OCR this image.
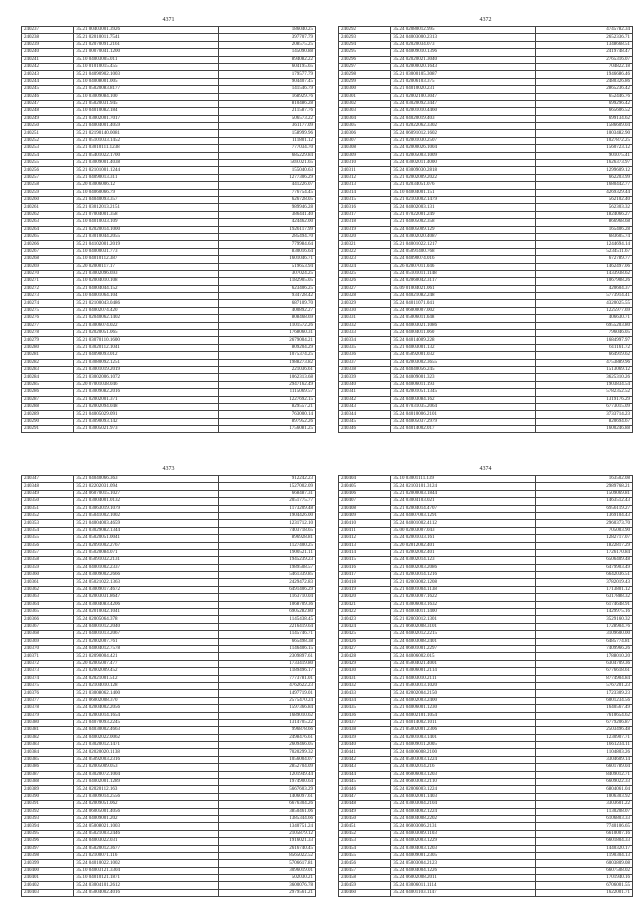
4371
240237	35.21 00403001.3926	186040.25
240238	35.21 02010011.7541	397707.79
240239	35.21 02070091.2161	208575.25
240240	35.21 00070041.1200	145090.88
240241	35.10 04003005.011	894082.22
240242	35.10 01010015.455	604195.65
240243	35.21 04090902.1003	179577.79
240244	35.10 04008001.005	904407.45
240245	35.21 05020083.8177	141546.79
240246	35.10 03009084.100	168929.76
240247	35.21 05020031.945	810486.28
240248	35.10 04010082.184	211587.76
240249	35.21 03002001.7017	506573.22
240250	35.21 04004001.4059	361177.09
240251	35.21 02190140.0081	158999.96
240252	35.21 05101033.1452	111801.12
240253	35.21 03010111.1238	777034.70
240254	35.21 05401022.1700	685229.84
240255	35.21 03009001.4038	569.021.65
240256	35.21 02101001.1244	155040.63
240257	35.21 04090013.311	1277306.29
240258	35.20 03006006.12	441226.07
240259	35.10 04060066.79	776754.45
240260	35.21 04040093.357	626728.05
240261	35.21 03012013.2151	989946.28
240262	35.21 07004001.358	386441.40
240263	35.10 04010033.109	424462.00
240264	35.21 02020014.1000	1926117.99
240265	35.21 03010044.2055	285494.70
240266	35.21 04102001.2019	779984.64
240267	35.10 04000031.773	830016.64
240268	35.10 04010112.387	1601046.71
240269	35.20 02000117.17	519653.94
240270	35.21 03002096.693	307024.25
240271	35.10 02004010.108	1182905.05
240272	35.21 04004044.152	623406.25
240273	35.10 04001064.104	934728.42
240274	35.21 02100043.0486	687109.70
240275	35.21 04002074.420	400892.27
240276	35.21 02040062.1402	808468.69
240277	35.21 03006074.022	1101572.26
240278	35.21 02020051.065	1768060.31
240279	35.21 03070110.1600	2679004.21
240280	35.21 03020112.1041	809204.29
240281	35.21 04090093.012	1075374.25
240282	35.21 03080092.1251	1988273.82
240283	35.21 03001019.2019	221036.61
240284	35.21 03002006.1072	1062313.68
240285	35.20 07001038.046	2947162.49
240286	35.21 03009082.2016	1115069.57
240287	35.21 02002001.371	1227692.15
240288	35.21 02002094.048	829557.21
240289	35.21 04005029.091	763000.14
240290	35.21 03090093.142	897952.26
240291	35.21 03005021.973	1756081.25
4372
240292	35.24 02080012.995	4745782.34
240293	35.24 04003000.2313	2652336.71
240294	35.24 02020034.073	1348668.51
240295	35.24 04009010.1396	2419748.47
240296	35.24 02020021.3040	2765316.07
240297	35.24 02000020.1643	704822.18
240298	35.21 03000105.3087	1946686.46
240299	35.21 02006103.375	2480326.86
240300	35.21 04010020.231	2865236.42
240301	35.21 02002100.3047	652446.76
240302	35.24 03020092.3447	699296.42
240303	35.24 02001010.4460	665606.52
240304	35.24 04020019.403	699134.62
240305	35.21 02022062.3302	1586609.04
240306	35.24 06091012.1602	1003482.90
240307	35.21 02001030.2507	1027872.25
240308	35.24 02000026.1004	1560723.12
240309	35.21 02005003.1009	901075.41
240310	35.24 03002011.4000	1626373.97
240311	35.24 03009030.2818	1299609.12
240312	35.21 02002009.2022	662203.99
240313	35.21 02034051.076	1680442.77
240314	35.10 04004001.151	4269329.44
240315	35.21 02103002.1479	562102.40
240316	35.24 04002003.131	562303.32
240317	35.21 07022001.249	1824066.27
240318	35.21 04005002.358	866968.68
240319	35.24 04005009.129	165406.28
240320	35.24 03002020.4087	683605.74
240321	35.21 04001022.1217	1244694.14
240322	35.24 05091400.768	5234511.67
240323	35.24 04090074.016	672789.77
240324	35.26 02007011.046	1462497.06
240325	35.24 05101011.1148	1433938.62
240326	35.24 02060042.3117	1067908.26
240327	35.09 01004021.061	420604.37
240328	35.24 04021082.248	5773914.41
240329	35.24 04011071.041	4320025.55
240330	35.24 06000007.002	1225977.69
240331	35.24 05006011.648	406630.71
240332	35.24 04003021.1086	6955203.80
240333	35.24 04004011.060	796046.05
240334	35.24 04014009.228	1684997.97
240335	35.21 04003001.132	611161.72
240336	35.24 05092001.032	664919.62
240337	35.24 02003002.3655	4753889.96
240338	35.24 04040056.245	1513069.12
240339	35.24 04009001.323	3625310.26
240340	35.24 04006011.193	1903834.54
240341	35.24 02001051.1345	5782352.52
240342	35.24 04003084.162	1319176.29
240343	35.24 07031035.2064	6773015.09
240344	35.24 04010006.2101	3733714.23
240345	35.24 04005037.2979	820694.67
240346	35.24 04014002.017	1600246.88
4373
240347	35.21 04040066.363	912242.23
240348	35.21 02202031.094	1527002.09
240349	35.24 06070015.1027	668487.31
240350	35.21 03004001.0132	2051775.77
240351	35.21 03063019.1079	1173209.48
240352	35.21 05041002.1002	1904426.00
240353	35.21 04004003.4659	1231712.10
240354	35.21 03029082.1344	7403718.65
240355	35.24 05020051.0041	896928.81
240356	35.21 02091002.2767	1127400.25
240357	35.21 05020084.071	1900521.11
240358	35.24 05091032.2131	1945239.23
240359	35.24 04001002.2337	1989508.57
240360	35.24 03009002.2666	5461339.85
240361	35.24 05021022.1363	2429472.83
240362	35.24 03009017.4672	6491406.29
240363	35.24 02003031.8647	1163710.04
240364	35.24 03004083.4206	1068709.36
240365	35.24 02010042.1041	6905282.80
240366	35.24 02005064.378	1145438.45
240367	35.24 04001012.2040	2216419.64
240368	35.21 04001013.2067	1145746.71
240369	35.21 02002007.761	665498.38
240370	35.24 04004012.7578	1146406.15
240371	35.21 02090004.421	2309897.61
240372	35.20 02005007.477	1733419.80
240373	35.21 02002009.452	1189496.17
240374	35.24 02021001.512	7773781.01
240375	35.21 02104010.128	4762622.23
240376	35.21 03008062.1400	1497719.01
240377	35.21 06002008.370	2575470.24
240378	35.24 02004002.2056	1597366.84
240379	35.21 02003014.1654	1689010.62
240380	35.21 04070093.2245	1314705.22
240381	35.24 04030002.4663	996878.66
240382	35.24 04002022.0062	2498476.61
240383	35.21 03020012.1471	2609466.05
240384	35.24 02020020.1138	7020299.32
240385	35.24 05092003.2316	1056004.07
240386	35.21 02005009.053	2852704.09
240387	35.24 03020072.1004	1201949.44
240388	35.21 04002001.1289	1974900.64
240389	35.24 02020112.163	5667603.29
240390	35.21 03009014.2556	1406097.61
240391	35.24 02009051.062	6676304.26
240392	35.24 06005001.4056	3850461.06
240393	35.24 04009001.202	1385344.66
240394	35.24 05008021.1003	1340751.24
240395	35.24 05021003.2446	2105879.12
240396	35.24 04003022.031	1916021.33
240397	35.24 05020012.3677	2616740.45
240398	35.21 02100071.116	8565022.52
240399	35.24 04010022.1002	5706617.81
240400	35.10 04003121.3304	3096019.01
240401	35.10 04010121.1871	502030.21
240402	35.24 03004101.2612	3600076.78
240403	35.24 05004002.4016	2979561.21
4374
240404	35.10 03001111.139	163502.08
240405	35.24 02103101.3124	2989768.21
240406	35.21 02000003.1844	1509069.81
240407	35.24 03004103.021	1463512.43
240408	35.21 02004014.4707	6956119.27
240409	35.24 04007003.1291	1369104.43
240410	35.24 04001002.4112	2960373.70
240411	35.00 02003007.043	705003.90
240412	35.24 02001033.161	1282717.07
240413	35.20 02012002.401	1822817.29
240414	35.21 02002002.401	1726170.84
240415	35.24 03002014.123	6506409.48
240416	35.21 04002003.2086	6479903.49
240417	35.21 02003014.1216	6642036.51
240418	35.21 02003002.1208	3782019.43
240419	35.21 04001004.1138	1713801.12
240420	35.21 02003007.1622	6317888.32
240421	35.21 03006003.1632	6174648.91
240422	35.21 04004011.1400	1429975.16
240423	35.21 02003012.1301	3529160.32
240424	35.21 06002008.3101	1728904.76
240425	35.24 04002012.2215	3109600.00
240426	35.24 04003008.2401	6485774.81
240427	35.24 06001001.2297	7409966.26
240428	35.24 04006002.015	1788010.20
240429	35.24 05004021.4001	6304709.36
240430	35.21 03006001.2114	6776618.61
240431	35.21 04003010.2111	8774904.84
240432	35.21 05003013.1020	5767201.23
240433	35.24 02002004.2150	1723309.23
240434	35.24 04002003.2400	6001234.56
240435	35.21 04006001.1230	1640567.49
240436	35.24 04002101.1054	7610654.62
240437	35.21 04014002.1011	6779206.87
240438	35.21 05002001.2306	2503496.48
240439	35.24 02001003.1401	1230907.71
240440	35.21 04009011.2005	1661234.11
240441	35.24 04006008.2100	1104803.26
240442	35.24 05003003.1224	3304609.14
240443	35.24 03002014.216	6601789.04
240444	35.24 06006003.1203	8409012.71
240445	35.24 06003003.2110	6609022.33
240446	35.24 02006003.1224	6804061.04
240447	35.24 04002001.1403	1006303.92
240448	35.24 03003004.2104	3303601.22
240449	35.24 04004002.1224	1130208.07
240450	35.24 04004008.2202	6106803.33
240451	35.24 06003006.2131	7740106.65
240452	35.24 04003009.1103	6610007.16
240453	35.24 04002003.1229	6601804.33
240454	35.24 03004003.1203	1440320.17
240455	35.24 04009001.2305	1190304.13
240456	35.24 05003004.2123	6003809.08
240457	35.24 04004004.1226	6607508.02
240458	35.24 06002008.2011	1701940.16
240459	35.24 03006011.1114	6706001.55
240460	35.24 04001103.1147	1622001.71
